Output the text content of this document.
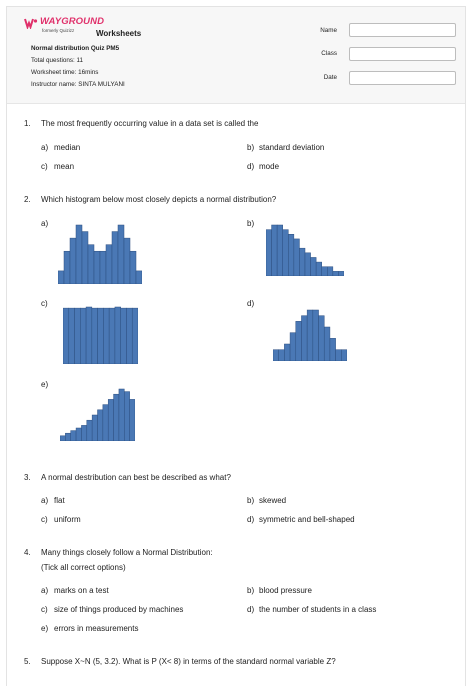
WAYGROUND
formerly Quizizz	Worksheets
Normal distribution Quiz PM5
Total questions: 11
Worksheet time: 16mins
Instructor name: SINTA MULYANI
Name
Class
Date
1. The most frequently occurring value in a data set is called the
a) median	b) standard deviation
c) mean	d) mode
2. Which histogram below most closely depicts a normal distribution?
a)	b)
c)	d)
e)
3. A normal destribution can best be described as what?
a) flat	b) skewed
c) uniform	d) symmetric and bell-shaped
4. Many things closely follow a Normal Distribution:
(Tick all correct options)
a) marks on a test	b) blood pressure
c) size of things produced by machines	d) the number of students in a class
e) errors in measurements
5. Suppose X~N (5, 3.2). What is P (X< 8) in terms of the standard normal variable Z?
